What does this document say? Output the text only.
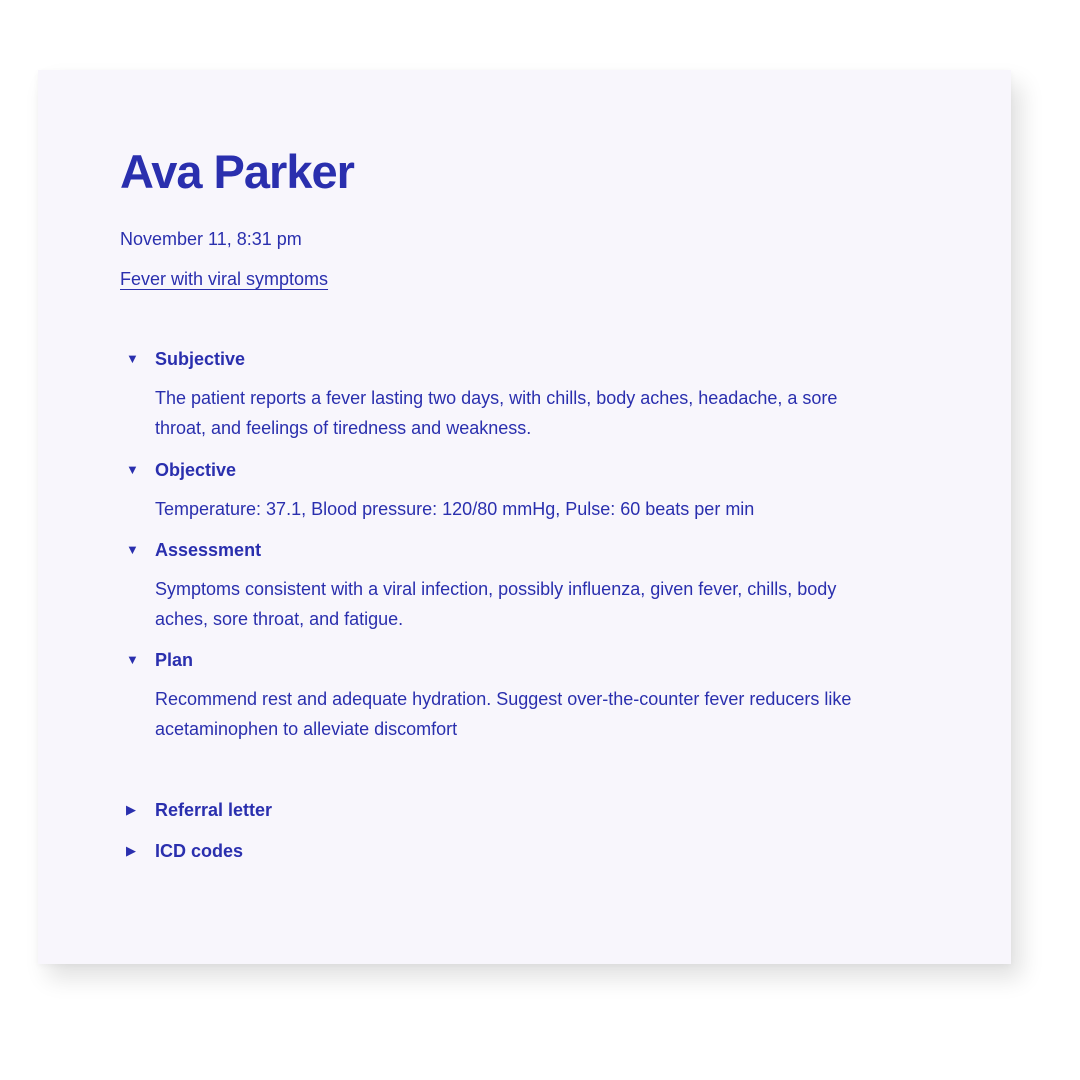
Ava Parker
November 11, 8:31 pm
Fever with viral symptoms
▼ Subjective
The patient reports a fever lasting two days, with chills, body aches, headache, a sore throat, and feelings of tiredness and weakness.
▼ Objective
Temperature: 37.1, Blood pressure: 120/80 mmHg, Pulse: 60 beats per min
▼ Assessment
Symptoms consistent with a viral infection, possibly influenza, given fever, chills, body aches, sore throat, and fatigue.
▼ Plan
Recommend rest and adequate hydration. Suggest over-the-counter fever reducers like acetaminophen to alleviate discomfort
▶	Referral letter
▶	ICD codes
